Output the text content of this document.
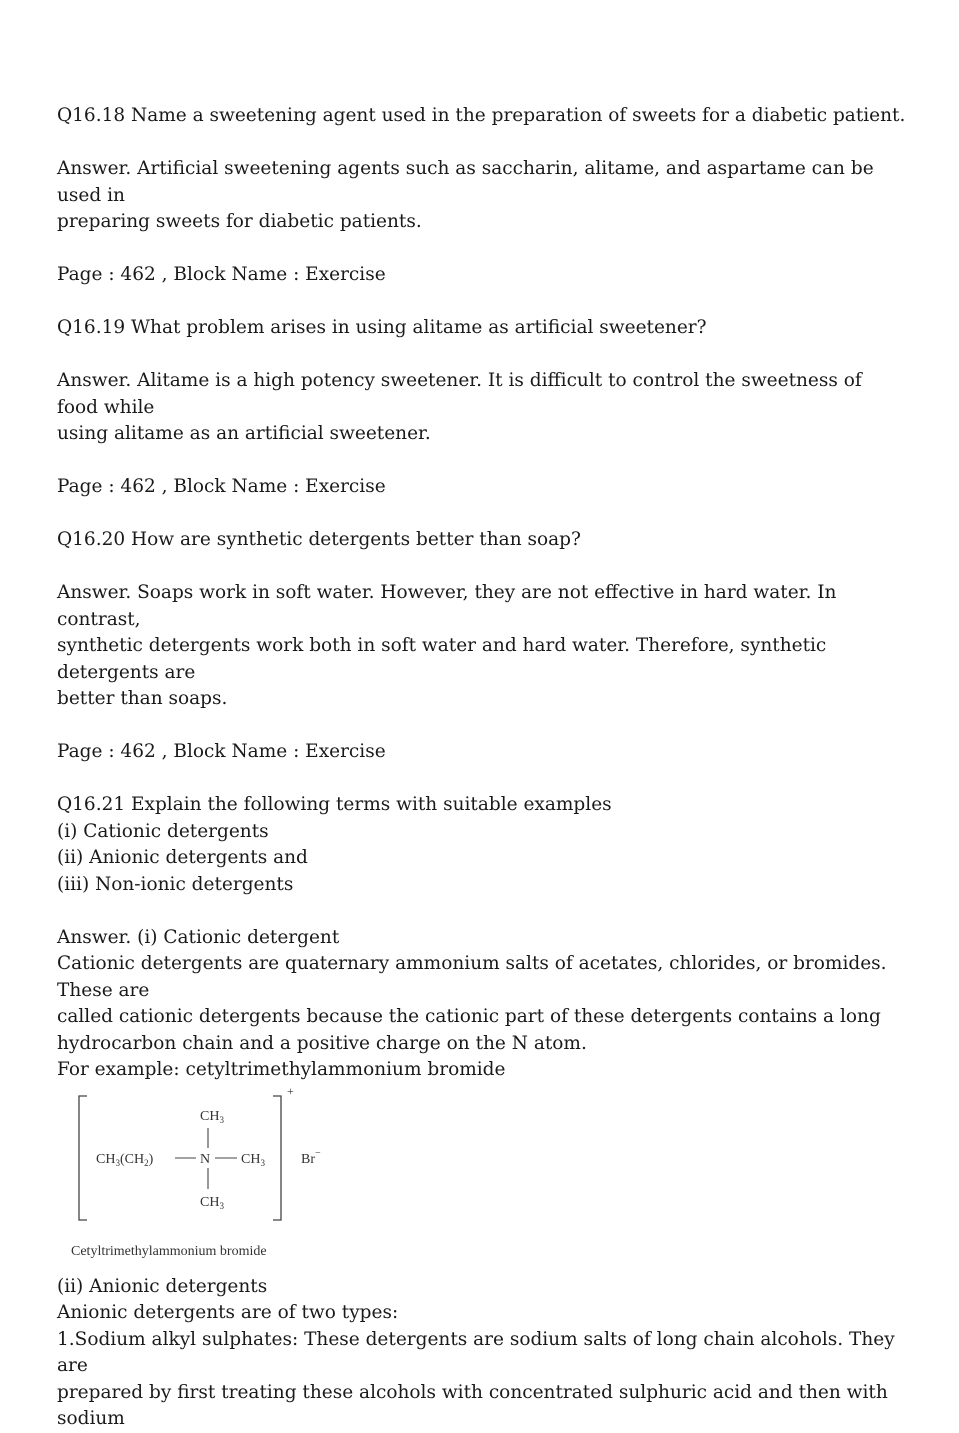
Q16.18 Name a sweetening agent used in the preparation of sweets for a diabetic patient.

Answer. Artificial sweetening agents such as saccharin, alitame, and aspartame can be used in
preparing sweets for diabetic patients.

Page : 462 , Block Name : Exercise

Q16.19 What problem arises in using alitame as artificial sweetener?

Answer. Alitame is a high potency sweetener. It is difficult to control the sweetness of food while
using alitame as an artificial sweetener.

Page : 462 , Block Name : Exercise

Q16.20 How are synthetic detergents better than soap?

Answer. Soaps work in soft water. However, they are not effective in hard water. In contrast,
synthetic detergents work both in soft water and hard water. Therefore, synthetic detergents are
better than soaps.

Page : 462 , Block Name : Exercise

Q16.21 Explain the following terms with suitable examples
(i) Cationic detergents
(ii) Anionic detergents and
(iii) Non-ionic detergents

Answer. (i) Cationic detergent
Cationic detergents are quaternary ammonium salts of acetates, chlorides, or bromides. These are
called cationic detergents because the cationic part of these detergents contains a long
hydrocarbon chain and a positive charge on the N atom.
For example: cetyltrimethylammonium bromide

+
$CH_3$
$CH_3(CH_2)$	N $CH_3$
$CH_3$
Br−
Cetyltrimethylammonium bromide

(ii) Anionic detergents
Anionic detergents are of two types:
1.Sodium alkyl sulphates: These detergents are sodium salts of long chain alcohols. They are
prepared by first treating these alcohols with concentrated sulphuric acid and then with sodium
